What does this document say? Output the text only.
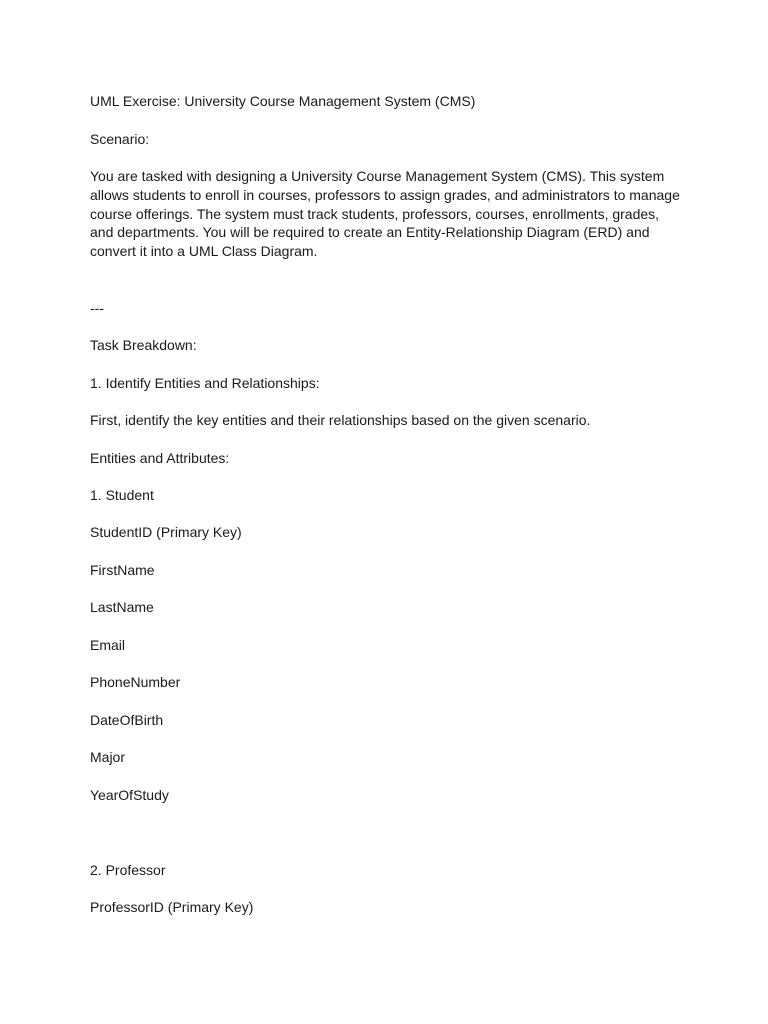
UML Exercise: University Course Management System (CMS)

Scenario:

You are tasked with designing a University Course Management System (CMS). This system
allows students to enroll in courses, professors to assign grades, and administrators to manage
course offerings. The system must track students, professors, courses, enrollments, grades,
and departments. You will be required to create an Entity-Relationship Diagram (ERD) and
convert it into a UML Class Diagram.

---

Task Breakdown:

1. Identify Entities and Relationships:

First, identify the key entities and their relationships based on the given scenario.

Entities and Attributes:

1. Student

StudentID (Primary Key)

FirstName

LastName

Email

PhoneNumber

DateOfBirth

Major

YearOfStudy

2. Professor

ProfessorID (Primary Key)
